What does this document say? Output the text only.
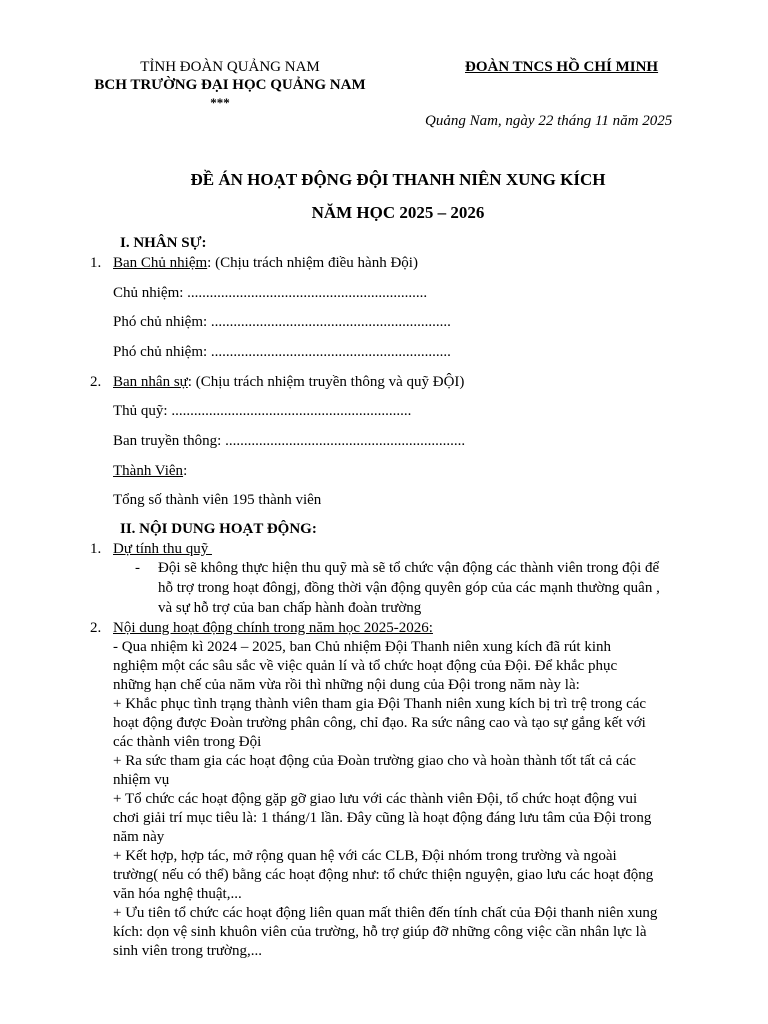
TỈNH ĐOÀN QUẢNG NAM
BCH TRƯỜNG ĐẠI HỌC QUẢNG NAM
***
ĐOÀN TNCS HỒ CHÍ MINH
Quảng Nam, ngày 22 tháng 11 năm 2025
ĐỀ ÁN HOẠT ĐỘNG ĐỘI THANH NIÊN XUNG KÍCH
NĂM HỌC 2025 – 2026
I. NHÂN SỰ:
1. Ban Chủ nhiệm: (Chịu trách nhiệm điều hành Đội)
Chủ nhiệm: ................................................................
Phó chủ nhiệm: ................................................................
Phó chủ nhiệm: ................................................................
2. Ban nhân sự: (Chịu trách nhiệm truyền thông và quỹ ĐỘI)
Thủ quỹ: ................................................................
Ban truyền thông: ................................................................
Thành Viên:
Tổng số thành viên 195 thành viên
II. NỘI DUNG HOẠT ĐỘNG:
1. Dự tính thu quỹ
- Đội sẽ không thực hiện thu quỹ mà sẽ tổ chức vận động các thành viên trong đội để
hỗ trợ trong hoạt đôngj, đồng thời vận động quyên góp của các mạnh thường quân ,
và sự hỗ trợ của ban chấp hành đoàn trường
2. Nội dung hoạt động chính trong năm học 2025-2026:
- Qua nhiệm kì 2024 – 2025, ban Chủ nhiệm Đội Thanh niên xung kích đã rút kinh
nghiệm một các sâu sắc về việc quản lí và tổ chức hoạt động của Đội. Để khắc phục
những hạn chế của năm vừa rồi thì những nội dung của Đội trong năm này là:
+ Khắc phục tình trạng thành viên tham gia Đội Thanh niên xung kích bị trì trệ trong các
hoạt động được Đoàn trường phân công, chỉ đạo. Ra sức nâng cao và tạo sự gắng kết với
các thành viên trong Đội
+ Ra sức tham gia các hoạt động của Đoàn trường giao cho và hoàn thành tốt tất cả các
nhiệm vụ
+ Tổ chức các hoạt động gặp gỡ giao lưu với các thành viên Đội, tổ chức hoạt động vui
chơi giải trí mục tiêu là: 1 tháng/1 lần. Đây cũng là hoạt động đáng lưu tâm của Đội trong
năm này
+ Kết hợp, hợp tác, mở rộng quan hệ với các CLB, Đội nhóm trong trường và ngoài
trường( nếu có thể) bằng các hoạt động như: tổ chức thiện nguyện, giao lưu các hoạt động
văn hóa nghệ thuật,...
+ Ưu tiên tổ chức các hoạt động liên quan mất thiên đến tính chất của Đội thanh niên xung
kích: dọn vệ sinh khuôn viên của trường, hỗ trợ giúp đỡ những công việc cần nhân lực là
sinh viên trong trường,...
